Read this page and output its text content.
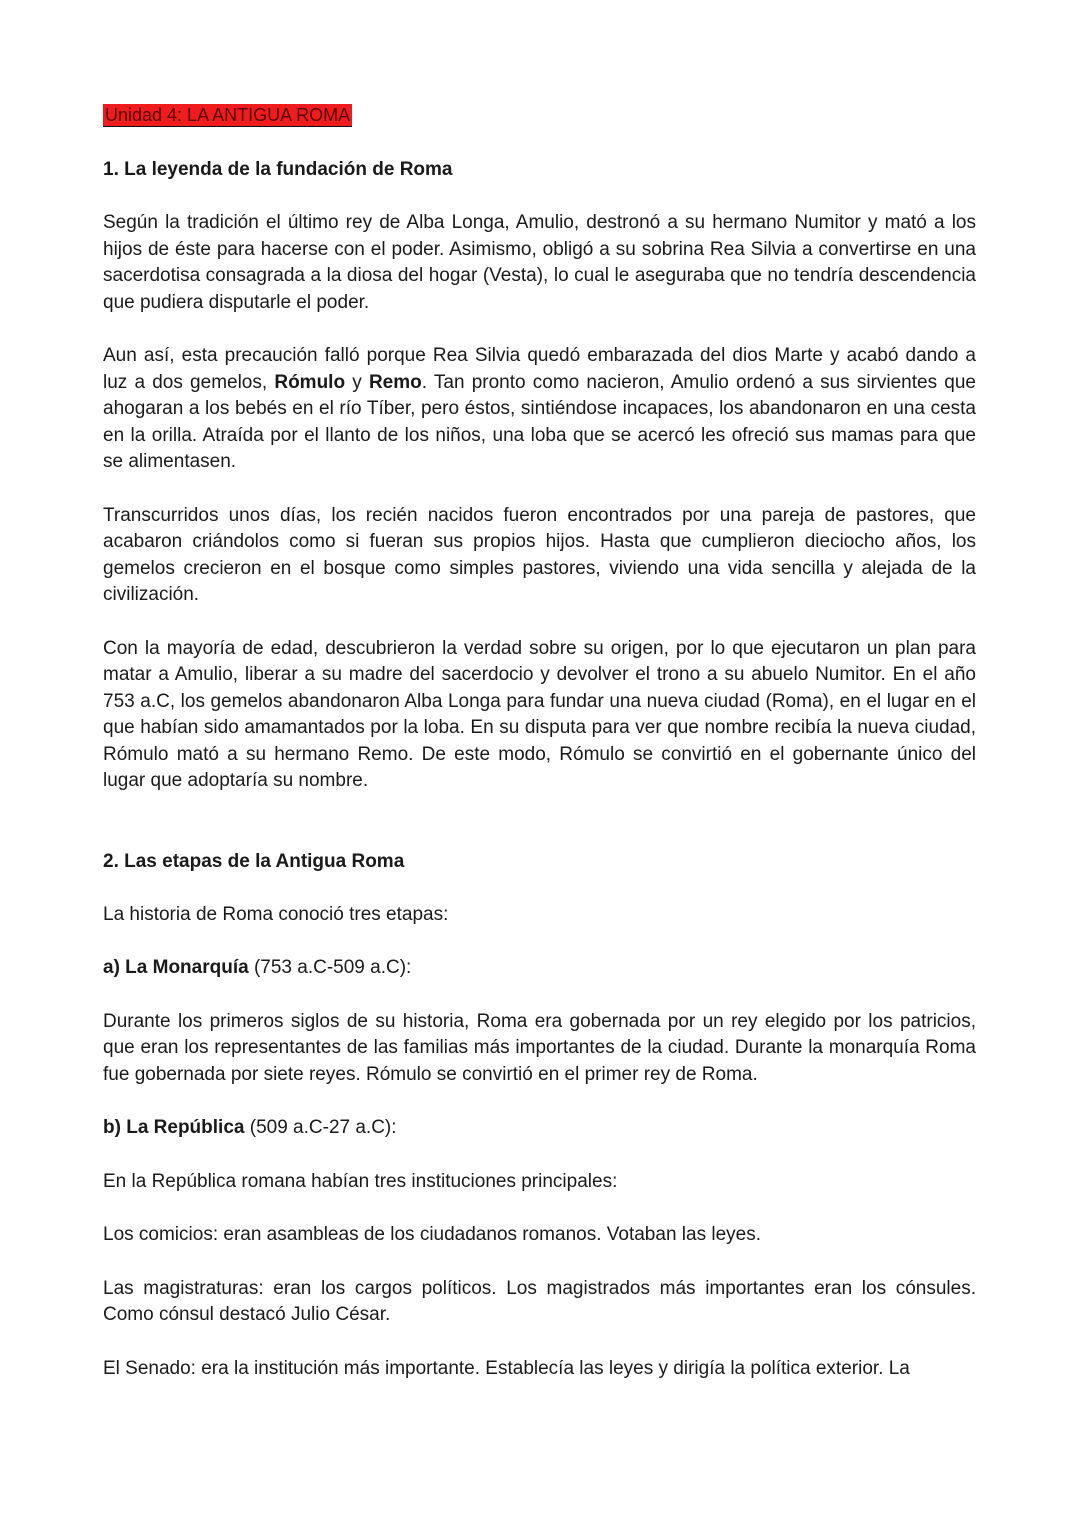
Unidad 4: LA ANTIGUA ROMA
1. La leyenda de la fundación de Roma

Según la tradición el último rey de Alba Longa, Amulio, destronó a su hermano Numitor y mató a los hijos de éste para hacerse con el poder. Asimismo, obligó a su sobrina Rea Silvia a convertirse en una sacerdotisa consagrada a la diosa del hogar (Vesta), lo cual le aseguraba que no tendría descendencia que pudiera disputarle el poder.

Aun así, esta precaución falló porque Rea Silvia quedó embarazada del dios Marte y acabó dando a luz a dos gemelos, Rómulo y Remo. Tan pronto como nacieron, Amulio ordenó a sus sirvientes que ahogaran a los bebés en el río Tíber, pero éstos, sintiéndose incapaces, los abandonaron en una cesta en la orilla. Atraída por el llanto de los niños, una loba que se acercó les ofreció sus mamas para que se alimentasen.

Transcurridos unos días, los recién nacidos fueron encontrados por una pareja de pastores, que acabaron criándolos como si fueran sus propios hijos. Hasta que cumplieron dieciocho años, los gemelos crecieron en el bosque como simples pastores, viviendo una vida sencilla y alejada de la civilización.

Con la mayoría de edad, descubrieron la verdad sobre su origen, por lo que ejecutaron un plan para matar a Amulio, liberar a su madre del sacerdocio y devolver el trono a su abuelo Numitor. En el año 753 a.C, los gemelos abandonaron Alba Longa para fundar una nueva ciudad (Roma), en el lugar en el que habían sido amamantados por la loba. En su disputa para ver que nombre recibía la nueva ciudad, Rómulo mató a su hermano Remo. De este modo, Rómulo se convirtió en el gobernante único del lugar que adoptaría su nombre.

2. Las etapas de la Antigua Roma

La historia de Roma conoció tres etapas:

a) La Monarquía (753 a.C-509 a.C):

Durante los primeros siglos de su historia, Roma era gobernada por un rey elegido por los patricios, que eran los representantes de las familias más importantes de la ciudad. Durante la monarquía Roma fue gobernada por siete reyes. Rómulo se convirtió en el primer rey de Roma.

b) La República (509 a.C-27 a.C):

En la República romana habían tres instituciones principales:

Los comicios: eran asambleas de los ciudadanos romanos. Votaban las leyes.

Las magistraturas: eran los cargos políticos. Los magistrados más importantes eran los cónsules. Como cónsul destacó Julio César.

El Senado: era la institución más importante. Establecía las leyes y dirigía la política exterior. La
